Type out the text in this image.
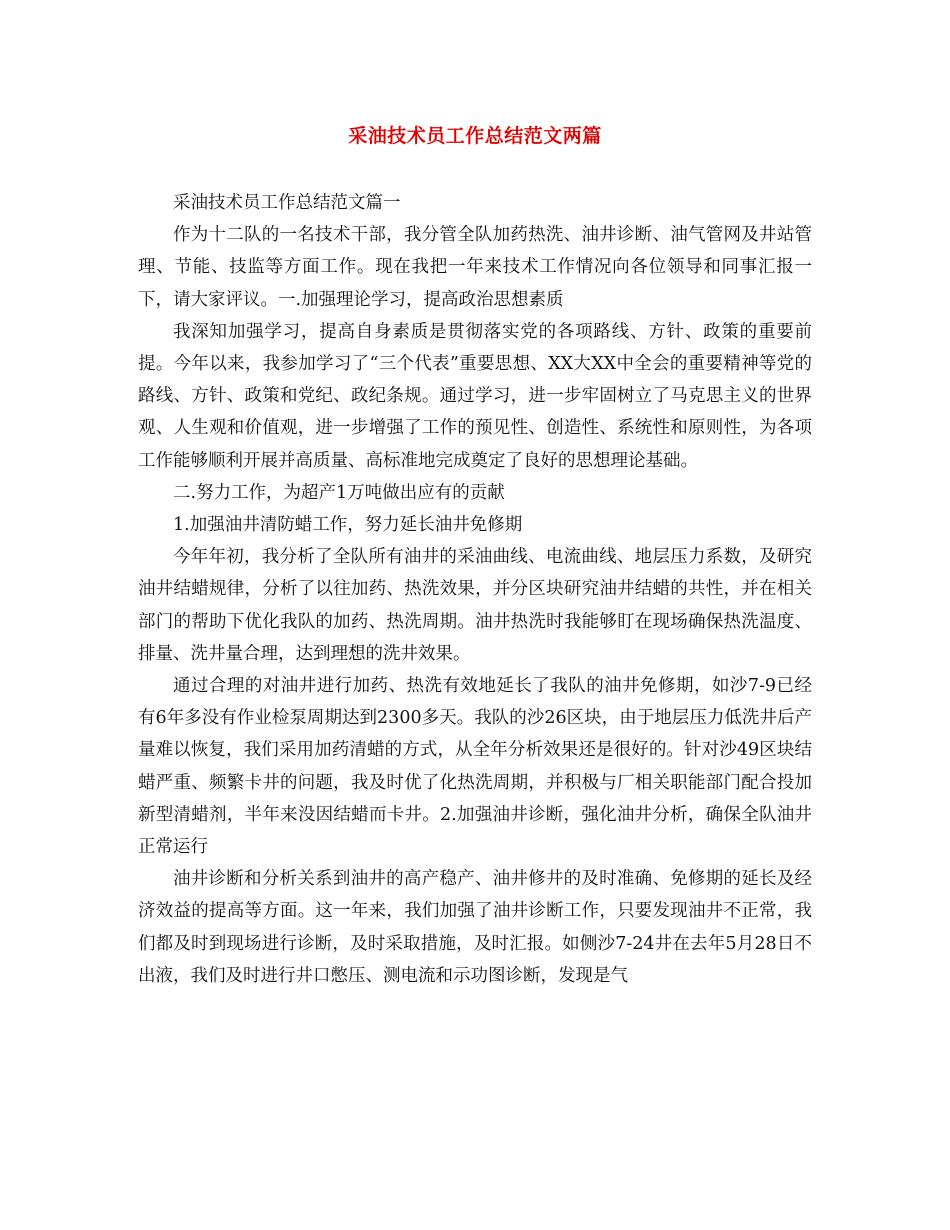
采油技术员工作总结范文两篇

采油技术员工作总结范文篇一

作为十二队的一名技术干部，我分管全队加药热洗、油井诊断、油气管网及井站管理、节能、技监等方面工作。现在我把一年来技术工作情况向各位领导和同事汇报一下，请大家评议。一.加强理论学习，提高政治思想素质

我深知加强学习，提高自身素质是贯彻落实党的各项路线、方针、政策的重要前提。今年以来，我参加学习了“三个代表”重要思想、XX大XX中全会的重要精神等党的路线、方针、政策和党纪、政纪条规。通过学习，进一步牢固树立了马克思主义的世界观、人生观和价值观，进一步增强了工作的预见性、创造性、系统性和原则性，为各项工作能够顺利开展并高质量、高标准地完成奠定了良好的思想理论基础。

二.努力工作，为超产1万吨做出应有的贡献

1.加强油井清防蜡工作，努力延长油井免修期

今年年初，我分析了全队所有油井的采油曲线、电流曲线、地层压力系数，及研究油井结蜡规律，分析了以往加药、热洗效果，并分区块研究油井结蜡的共性，并在相关部门的帮助下优化我队的加药、热洗周期。油井热洗时我能够盯在现场确保热洗温度、排量、洗井量合理，达到理想的洗井效果。

通过合理的对油井进行加药、热洗有效地延长了我队的油井免修期，如沙7-9已经有6年多没有作业检泵周期达到2300多天。我队的沙26区块，由于地层压力低洗井后产量难以恢复，我们采用加药清蜡的方式，从全年分析效果还是很好的。针对沙49区块结蜡严重、频繁卡井的问题，我及时优了化热洗周期，并积极与厂相关职能部门配合投加新型清蜡剂，半年来没因结蜡而卡井。2.加强油井诊断，强化油井分析，确保全队油井正常运行

油井诊断和分析关系到油井的高产稳产、油井修井的及时准确、免修期的延长及经济效益的提高等方面。这一年来，我们加强了油井诊断工作，只要发现油井不正常，我们都及时到现场进行诊断，及时采取措施，及时汇报。如侧沙7-24井在去年5月28日不出液，我们及时进行井口憋压、测电流和示功图诊断，发现是气
